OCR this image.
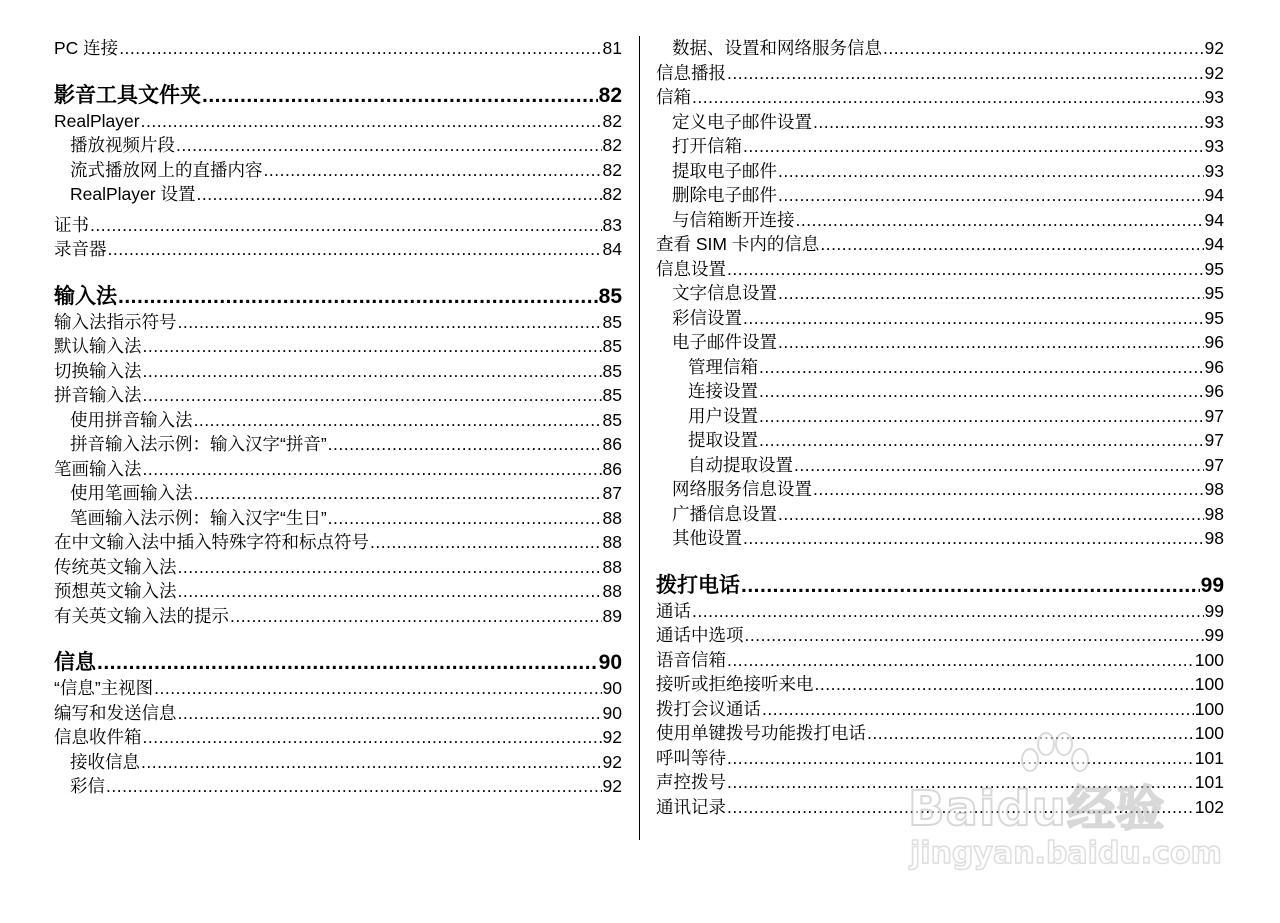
PC 连接 .....	81
影音工具文件夹 .....	82
RealPlayer .....	82
播放视频片段 .....	82
流式播放网上的直播内容 .....	82
RealPlayer 设置 .....	82
证书 .....	83
录音器 .....	84
输入法 .....	85
输入法指示符号 .....	85
默认输入法 .....	85
切换输入法 .....	85
拼音输入法 .....	85
使用拼音输入法 .....	85
拼音输入法示例：输入汉字“拼音” .....	86
笔画输入法 .....	86
使用笔画输入法 .....	87
笔画输入法示例：输入汉字“生日” .....	88
在中文输入法中插入特殊字符和标点符号 .....	88
传统英文输入法 .....	88
预想英文输入法 .....	88
有关英文输入法的提示 .....	89
信息 .....	90
“信息”主视图 .....	90
编写和发送信息 .....	90
信息收件箱 .....	92
接收信息 .....	92
彩信 .....	92
数据、设置和网络服务信息 .....	92
信息播报 .....	92
信箱 .....	93
定义电子邮件设置 .....	93
打开信箱 .....	93
提取电子邮件 .....	93
删除电子邮件 .....	94
与信箱断开连接 .....	94
查看 SIM 卡内的信息 .....	94
信息设置 .....	95
文字信息设置 .....	95
彩信设置 .....	95
电子邮件设置 .....	96
管理信箱 .....	96
连接设置 .....	96
用户设置 .....	97
提取设置 .....	97
自动提取设置 .....	97
网络服务信息设置 .....	98
广播信息设置 .....	98
其他设置 .....	98
拨打电话 .....	99
通话 .....	99
通话中选项 .....	99
语音信箱 .....	100
接听或拒绝接听来电 .....	100
拨打会议通话 .....	100
使用单键拨号功能拨打电话 .....	100
呼叫等待 .....	101
声控拨号 .....	101
通讯记录 .....	102
Baidu经验
jingyan.baidu.com
